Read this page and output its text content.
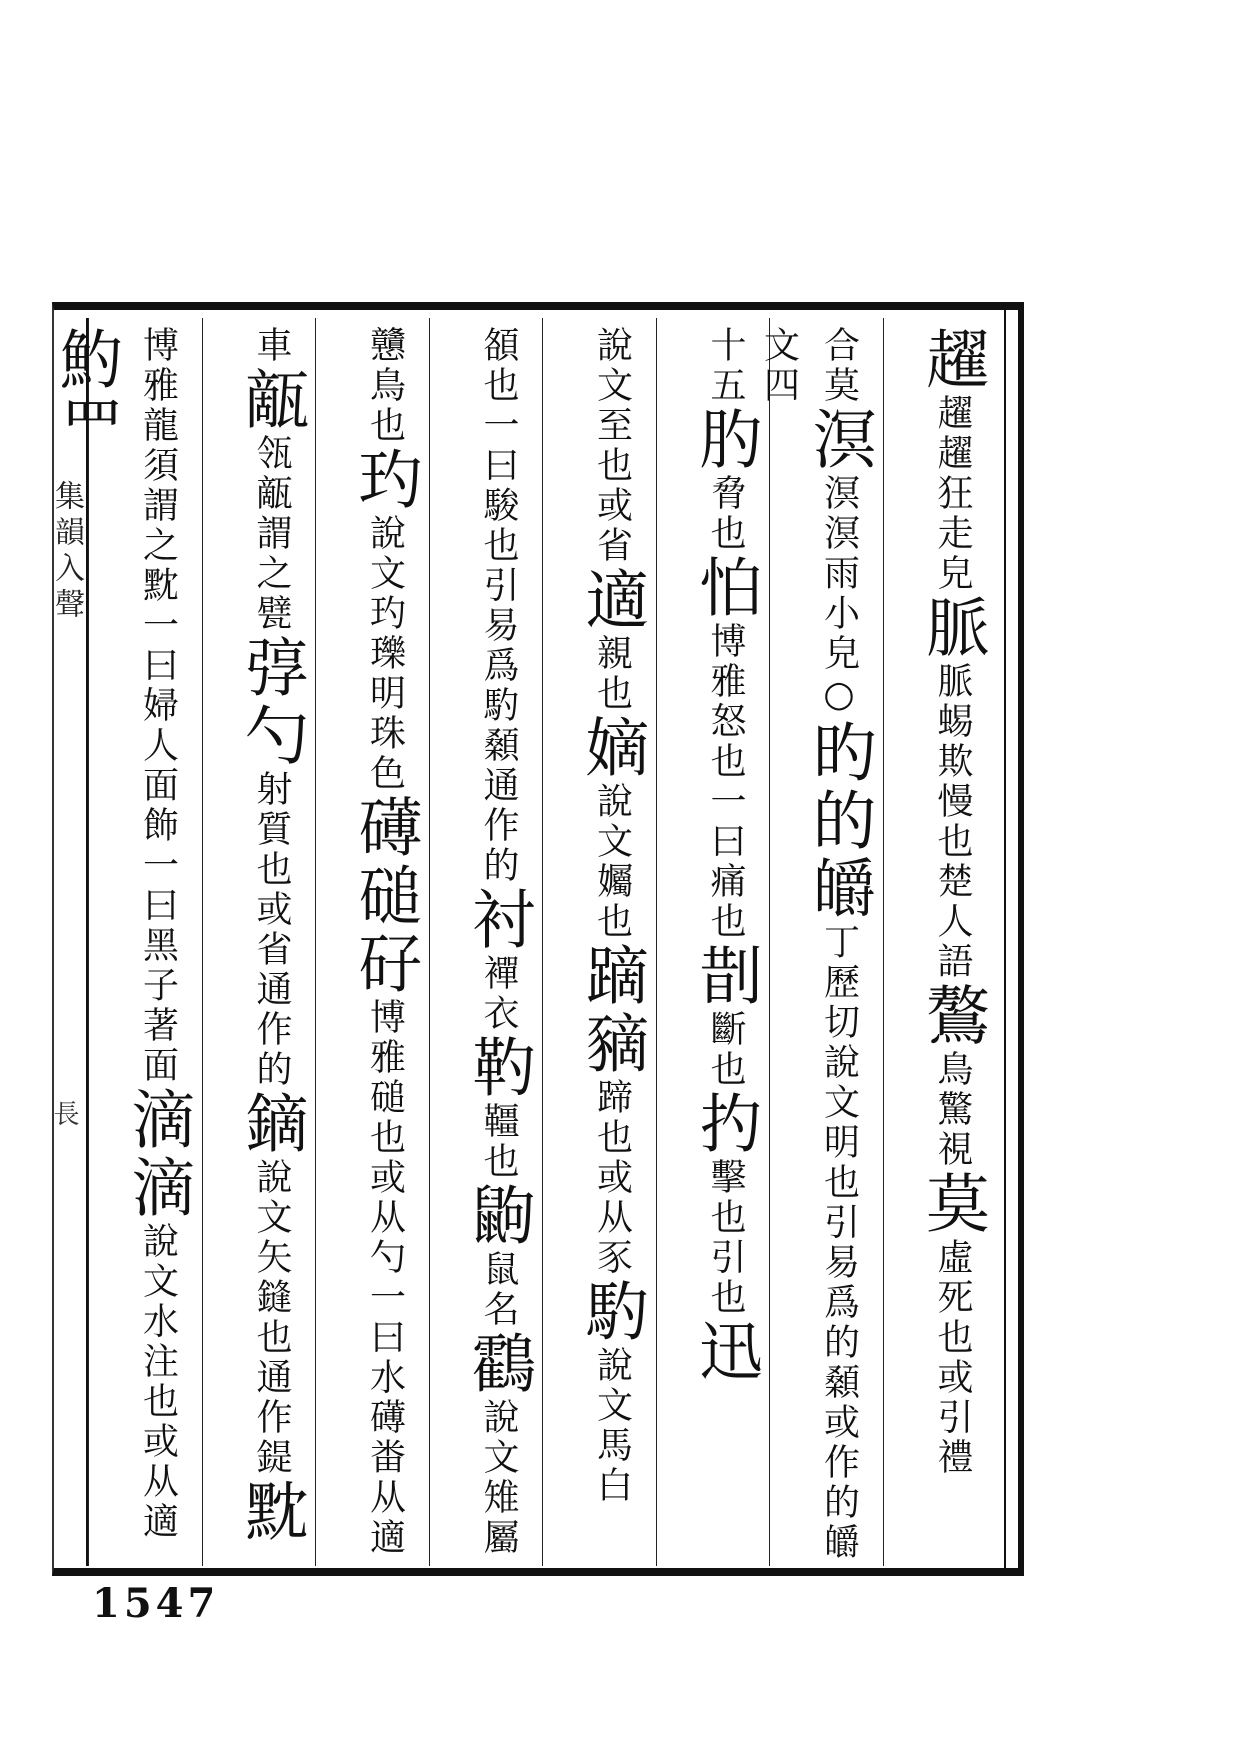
集韻入聲
長
趯趯趯狂走皃脈脈蜴欺慢也楚人語鷔鳥驚視莫虛死也或引禮
合莫溟溟溟雨小皃○旳的皭丁歷切說文明也引易爲的顙或作的皭文四
十五肑脅也怕博雅怒也一曰痛也剒斷也扚擊也引也迅
說文至也或省適親也嫡說文孎也蹢豴蹄也或从豕馰說文馬白
頟也一曰駿也引易爲馰顙通作的衬襌衣靮韁也鼩鼠名鸖說文雉屬
戇鳥也玓說文玓瓅明珠色礡磓矷博雅磓也或从勺一曰水礡畨从適
車甋瓴甋謂之甓弴勺射質也或省通作的鏑說文矢鏠也通作鍉黕
博雅龍須謂之黕一曰婦人面飾一曰黑子著面滴滴說文水注也或从適魡罒
1547
